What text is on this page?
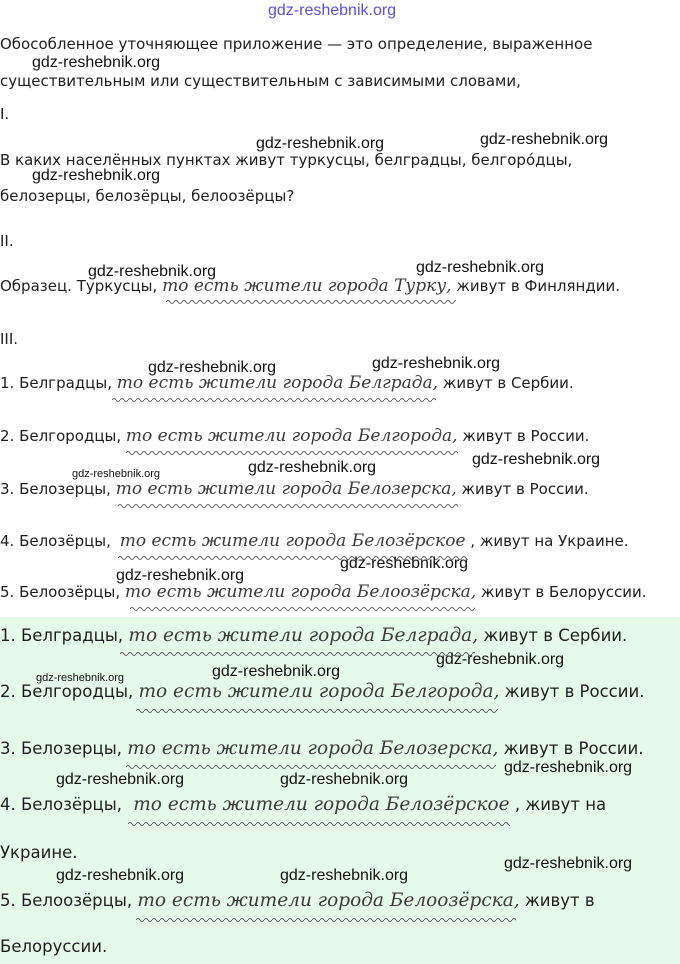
gdz-reshebnik.org
Обособленное уточняющее приложение — это определение, выраженное
существительным или существительным с зависимыми словами,
I.
В каких населённых пунктах живут туркусцы, белградцы, белгоро́дцы,
белозерцы, белозёрцы, белоозёрцы?
II.
Образец. Туркусцы, то есть жители города Турку, живут в Финляндии.
III.
1. Белградцы, то есть жители города Белграда, живут в Сербии.
2. Белгородцы, то есть жители города Белгорода, живут в России.
3. Белозерцы, то есть жители города Белозерска, живут в России.
4. Белозёрцы, то есть жители города Белозёрское , живут на Украине.
5. Белоозёрцы, то есть жители города Белоозёрска, живут в Белоруссии.
1. Белградцы, то есть жители города Белграда, живут в Сербии.
2. Белгородцы, то есть жители города Белгорода, живут в России.
3. Белозерцы, то есть жители города Белозерска, живут в России.
4. Белозёрцы, то есть жители города Белозёрское , живут на
Украине.
5. Белоозёрцы, то есть жители города Белоозёрска, живут в
Белоруссии.
gdz-reshebnik.org
gdz-reshebnik.org	gdz-reshebnik.org
gdz-reshebnik.org
gdz-reshebnik.org	gdz-reshebnik.org
gdz-reshebnik.org	gdz-reshebnik.org
gdz-reshebnik.org	gdz-reshebnik.org	gdz-reshebnik.org
gdz-reshebnik.org
gdz-reshebnik.org
gdz-reshebnik.org
gdz-reshebnik.org	gdz-reshebnik.org
gdz-reshebnik.org
gdz-reshebnik.org	gdz-reshebnik.org
gdz-reshebnik.org
gdz-reshebnik.org	gdz-reshebnik.org
